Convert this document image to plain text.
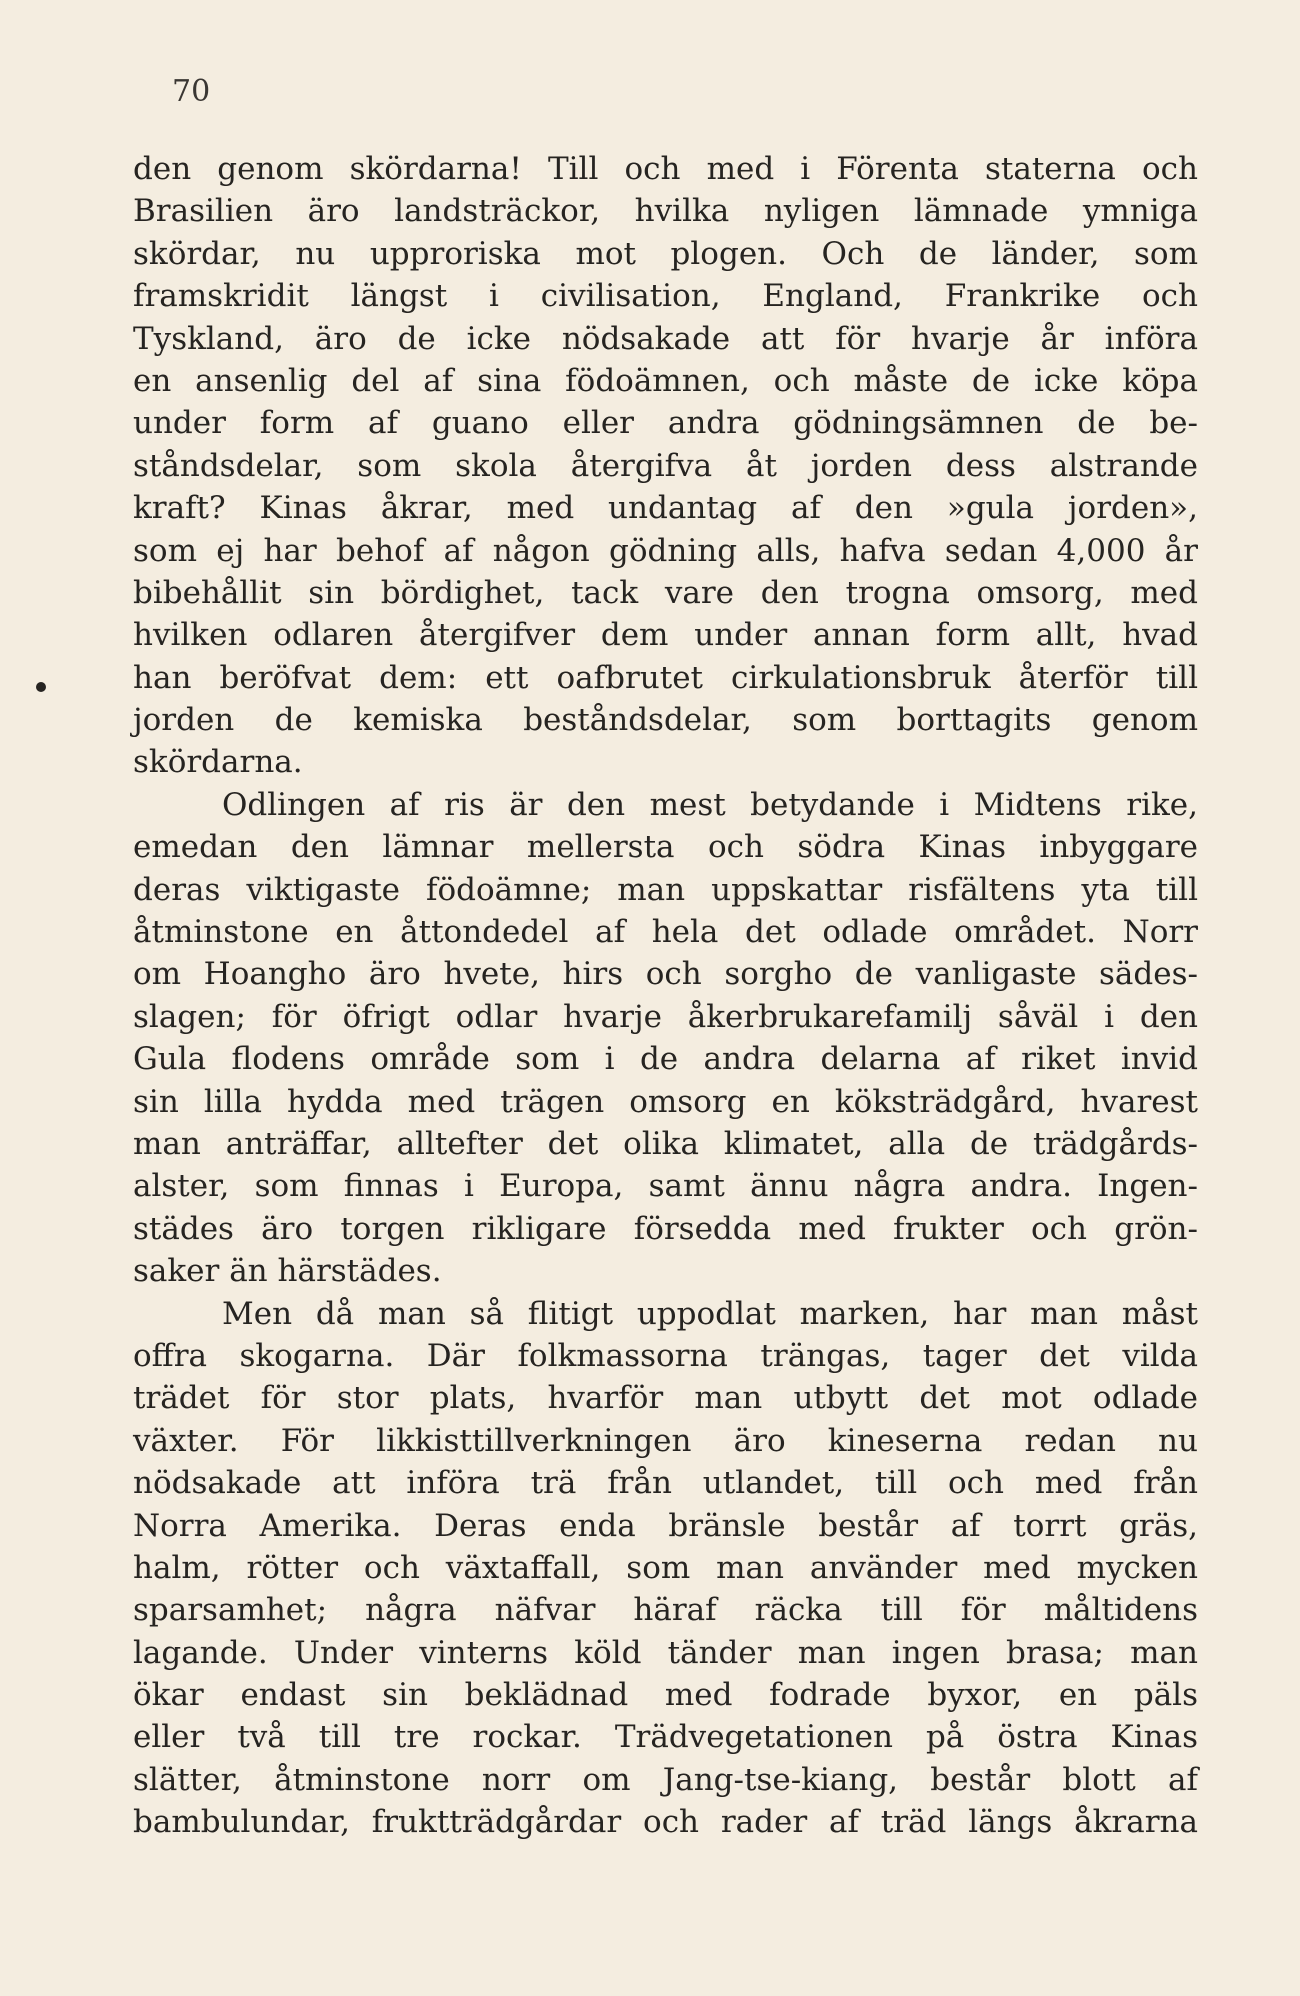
70
den genom skördarna! Till och med i Förenta staterna och
Brasilien äro landsträckor, hvilka nyligen lämnade ymniga
skördar, nu upproriska mot plogen. Och de länder, som
framskridit längst i civilisation, England, Frankrike och
Tyskland, äro de icke nödsakade att för hvarje år införa
en ansenlig del af sina födoämnen, och måste de icke köpa
under form af guano eller andra gödningsämnen de be-
ståndsdelar, som skola återgifva åt jorden dess alstrande
kraft? Kinas åkrar, med undantag af den »gula jorden»,
som ej har behof af någon gödning alls, hafva sedan 4,000 år
bibehållit sin bördighet, tack vare den trogna omsorg, med
hvilken odlaren återgifver dem under annan form allt, hvad
han beröfvat dem: ett oafbrutet cirkulationsbruk återför till
jorden de kemiska beståndsdelar, som borttagits genom
skördarna.
Odlingen af ris är den mest betydande i Midtens rike,
emedan den lämnar mellersta och södra Kinas inbyggare
deras viktigaste födoämne; man uppskattar risfältens yta till
åtminstone en åttondedel af hela det odlade området. Norr
om Hoangho äro hvete, hirs och sorgho de vanligaste sädes-
slagen; för öfrigt odlar hvarje åkerbrukarefamilj såväl i den
Gula flodens område som i de andra delarna af riket invid
sin lilla hydda med trägen omsorg en köksträdgård, hvarest
man anträffar, alltefter det olika klimatet, alla de trädgårds-
alster, som finnas i Europa, samt ännu några andra. Ingen-
städes äro torgen rikligare försedda med frukter och grön-
saker än härstädes.
Men då man så flitigt uppodlat marken, har man måst
offra skogarna. Där folkmassorna trängas, tager det vilda
trädet för stor plats, hvarför man utbytt det mot odlade
växter. För likkisttillverkningen äro kineserna redan nu
nödsakade att införa trä från utlandet, till och med från
Norra Amerika. Deras enda bränsle består af torrt gräs,
halm, rötter och växtaffall, som man använder med mycken
sparsamhet; några näfvar häraf räcka till för måltidens
lagande. Under vinterns köld tänder man ingen brasa; man
ökar endast sin beklädnad med fodrade byxor, en päls
eller två till tre rockar. Trädvegetationen på östra Kinas
slätter, åtminstone norr om Jang-tse-kiang, består blott af
bambulundar, fruktträdgårdar och rader af träd längs åkrarna
